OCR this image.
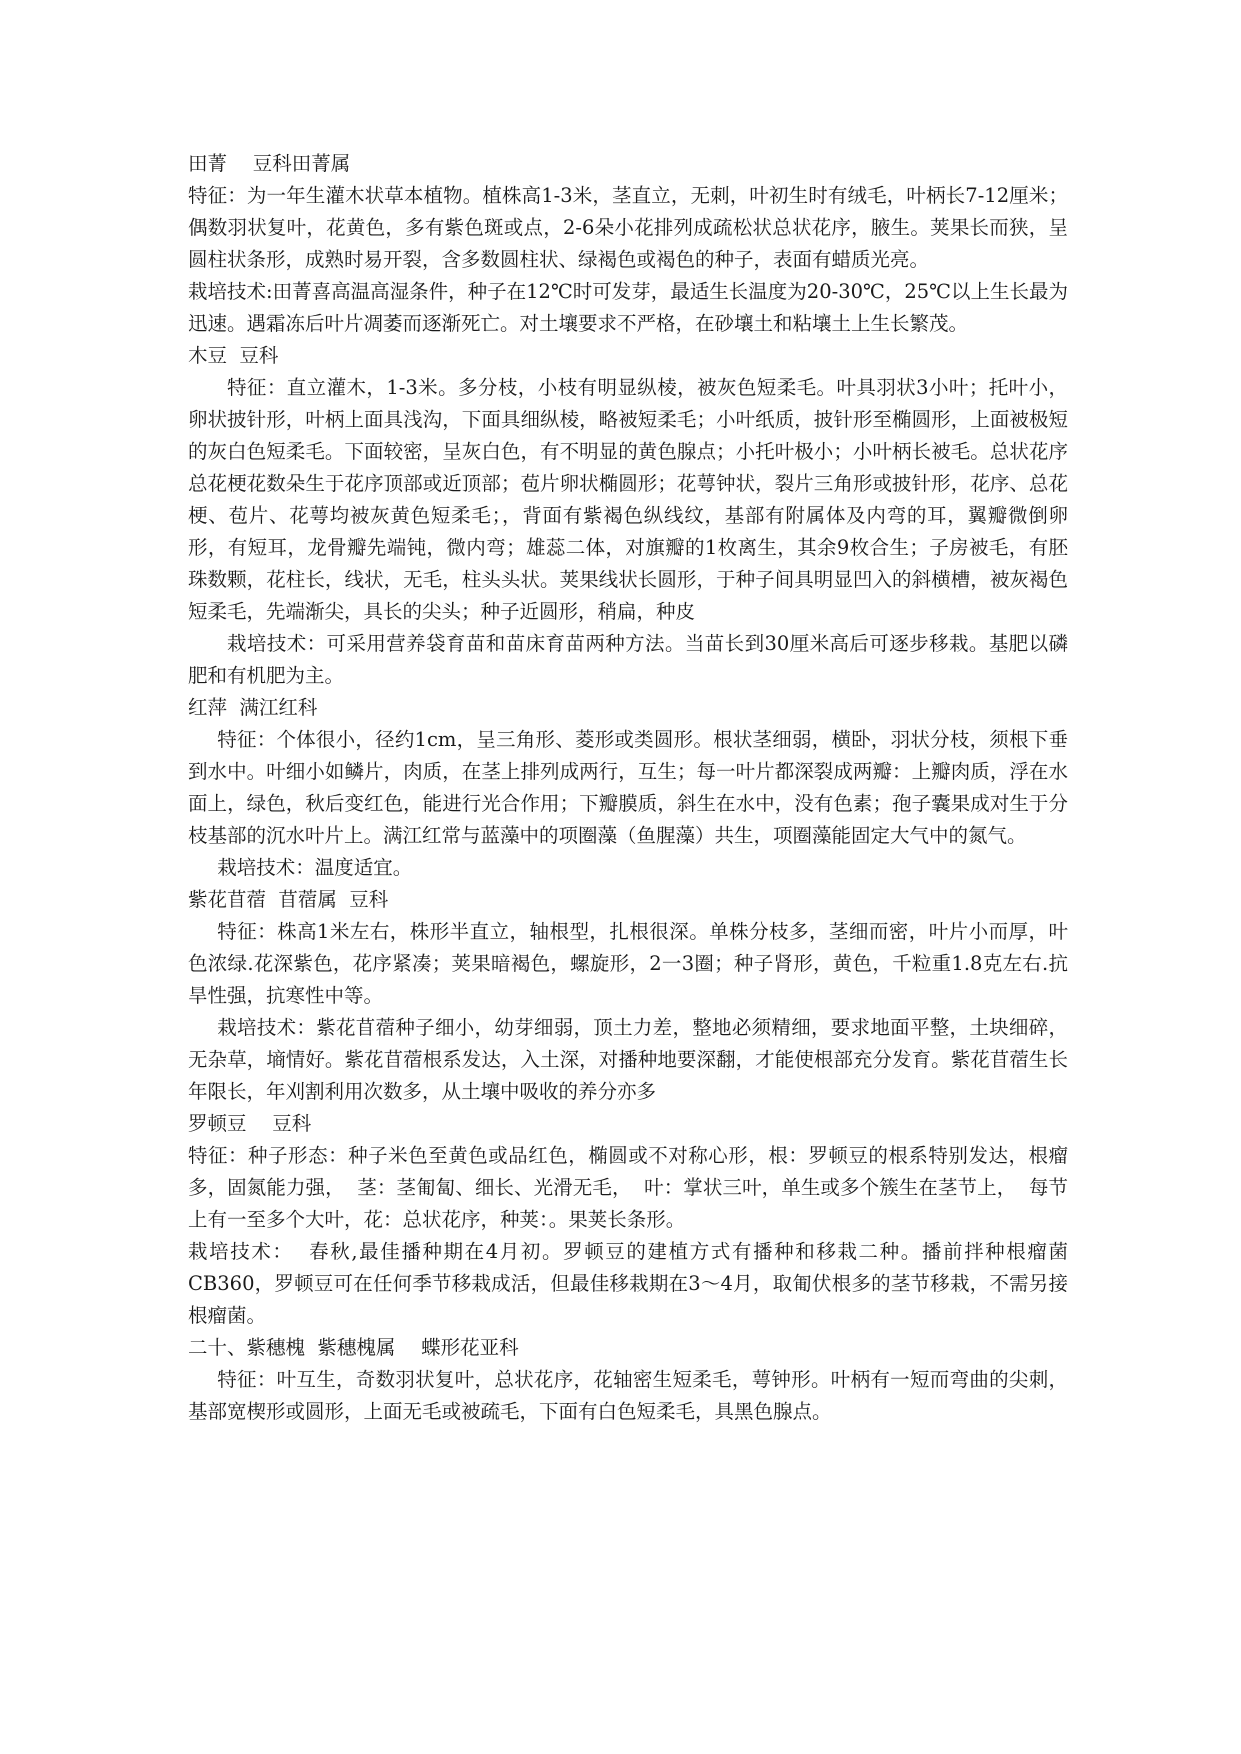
田菁　 豆科田菁属

特征：为一年生灌木状草本植物。植株高1-3米，茎直立，无刺，叶初生时有绒毛，叶柄长7-12厘米；偶数羽状复叶，花黄色，多有紫色斑或点，2-6朵小花排列成疏松状总状花序，腋生。荚果长而狭，呈圆柱状条形，成熟时易开裂，含多数圆柱状、绿褐色或褐色的种子，表面有蜡质光亮。

栽培技术:田菁喜高温高湿条件，种子在12℃时可发芽，最适生长温度为20-30℃，25℃以上生长最为迅速。遇霜冻后叶片凋萎而逐渐死亡。对土壤要求不严格，在砂壤土和粘壤土上生长繁茂。

木豆  豆科

特征：直立灌木，1-3米。多分枝，小枝有明显纵棱，被灰色短柔毛。叶具羽状3小叶；托叶小，卵状披针形，叶柄上面具浅沟，下面具细纵棱，略被短柔毛；小叶纸质，披针形至椭圆形，上面被极短的灰白色短柔毛。下面较密，呈灰白色，有不明显的黄色腺点；小托叶极小；小叶柄长被毛。总状花序总花梗花数朵生于花序顶部或近顶部；苞片卵状椭圆形；花萼钟状，裂片三角形或披针形，花序、总花梗、苞片、花萼均被灰黄色短柔毛；，背面有紫褐色纵线纹，基部有附属体及内弯的耳，翼瓣微倒卵形，有短耳，龙骨瓣先端钝，微内弯；雄蕊二体，对旗瓣的1枚离生，其余9枚合生；子房被毛，有胚珠数颗，花柱长，线状，无毛，柱头头状。荚果线状长圆形，于种子间具明显凹入的斜横槽，被灰褐色短柔毛，先端渐尖，具长的尖头；种子近圆形，稍扁，种皮

栽培技术：可采用营养袋育苗和苗床育苗两种方法。当苗长到30厘米高后可逐步移栽。基肥以磷肥和有机肥为主。

红萍  满江红科

特征：个体很小，径约1cm，呈三角形、菱形或类圆形。根状茎细弱，横卧，羽状分枝，须根下垂到水中。叶细小如鳞片，肉质，在茎上排列成两行，互生；每一叶片都深裂成两瓣：上瓣肉质，浮在水面上，绿色，秋后变红色，能进行光合作用；下瓣膜质，斜生在水中，没有色素；孢子囊果成对生于分枝基部的沉水叶片上。满江红常与蓝藻中的项圈藻（鱼腥藻）共生，项圈藻能固定大气中的氮气。

栽培技术：温度适宜。

紫花苜蓿  苜蓿属  豆科

特征：株高1米左右，株形半直立，轴根型，扎根很深。单株分枝多，茎细而密，叶片小而厚，叶色浓绿.花深紫色，花序紧凑；荚果暗褐色，螺旋形，2一3圈；种子肾形，黄色，千粒重1.8克左右.抗旱性强，抗寒性中等。

栽培技术：紫花苜蓿种子细小，幼芽细弱，顶土力差，整地必须精细，要求地面平整，土块细碎，无杂草，墒情好。紫花苜蓿根系发达，入土深，对播种地要深翻，才能使根部充分发育。紫花苜蓿生长年限长，年刈割利用次数多，从土壤中吸收的养分亦多

罗顿豆　 豆科

特征：种子形态：种子米色至黄色或品红色，椭圆或不对称心形，根：罗顿豆的根系特别发达，根瘤多，固氮能力强，  茎：茎匍匐、细长、光滑无毛，  叶：掌状三叶，单生或多个簇生在茎节上，  每节上有一至多个大叶，花：总状花序，种荚：。果荚长条形。

栽培技术：  春秋,最佳播种期在4月初。罗顿豆的建植方式有播种和移栽二种。播前拌种根瘤菌CB360，罗顿豆可在任何季节移栽成活，但最佳移栽期在3～4月，取匍伏根多的茎节移栽，不需另接根瘤菌。

二十、紫穗槐  紫穗槐属　 蝶形花亚科

特征：叶互生，奇数羽状复叶，总状花序，花轴密生短柔毛，萼钟形。叶柄有一短而弯曲的尖刺，基部宽楔形或圆形，上面无毛或被疏毛，下面有白色短柔毛，具黑色腺点。
